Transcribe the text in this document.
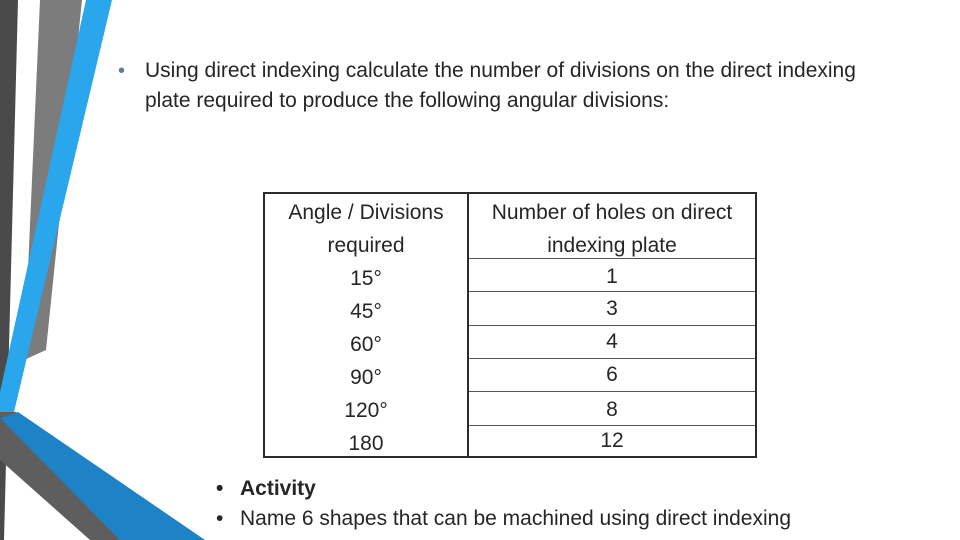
• Using direct indexing calculate the number of divisions on the direct indexing plate required to produce the following angular divisions:
Angle / Divisions
required
15°
45°
60°
90°
120°
180
Number of holes on direct
indexing plate
1
3
4
6
8
12
• Activity
• Name 6 shapes that can be machined using direct indexing
